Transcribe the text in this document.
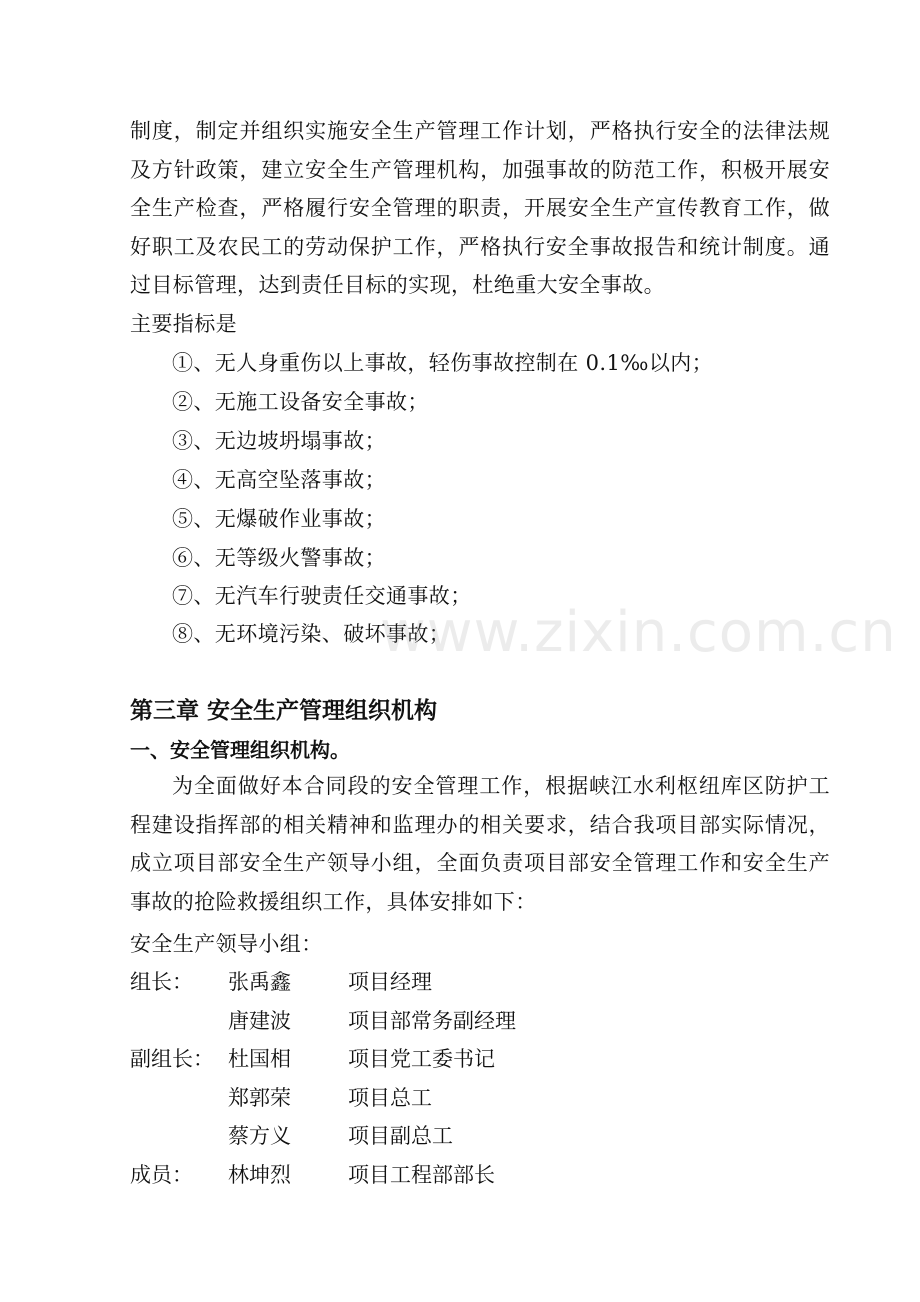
制度，制定并组织实施安全生产管理工作计划，严格执行安全的法律法规及方针政策，建立安全生产管理机构，加强事故的防范工作，积极开展安全生产检查，严格履行安全管理的职责，开展安全生产宣传教育工作，做好职工及农民工的劳动保护工作，严格执行安全事故报告和统计制度。通过目标管理，达到责任目标的实现，杜绝重大安全事故。
主要指标是
①、无人身重伤以上事故，轻伤事故控制在 0.1‰以内；
②、无施工设备安全事故；
③、无边坡坍塌事故；
④、无高空坠落事故；
⑤、无爆破作业事故；
⑥、无等级火警事故；
⑦、无汽车行驶责任交通事故；
⑧、无环境污染、破坏事故；
www.zixin.com.cn
第三章 安全生产管理组织机构
一、安全管理组织机构。
为全面做好本合同段的安全管理工作，根据峡江水利枢纽库区防护工程建设指挥部的相关精神和监理办的相关要求，结合我项目部实际情况，成立项目部安全生产领导小组，全面负责项目部安全管理工作和安全生产事故的抢险救援组织工作，具体安排如下：
安全生产领导小组：
组长： 张禹鑫	项目经理
唐建波	项目部常务副经理
副组长： 杜国相	项目党工委书记
郑郭荣	项目总工
蔡方义	项目副总工
成员： 林坤烈	项目工程部部长
